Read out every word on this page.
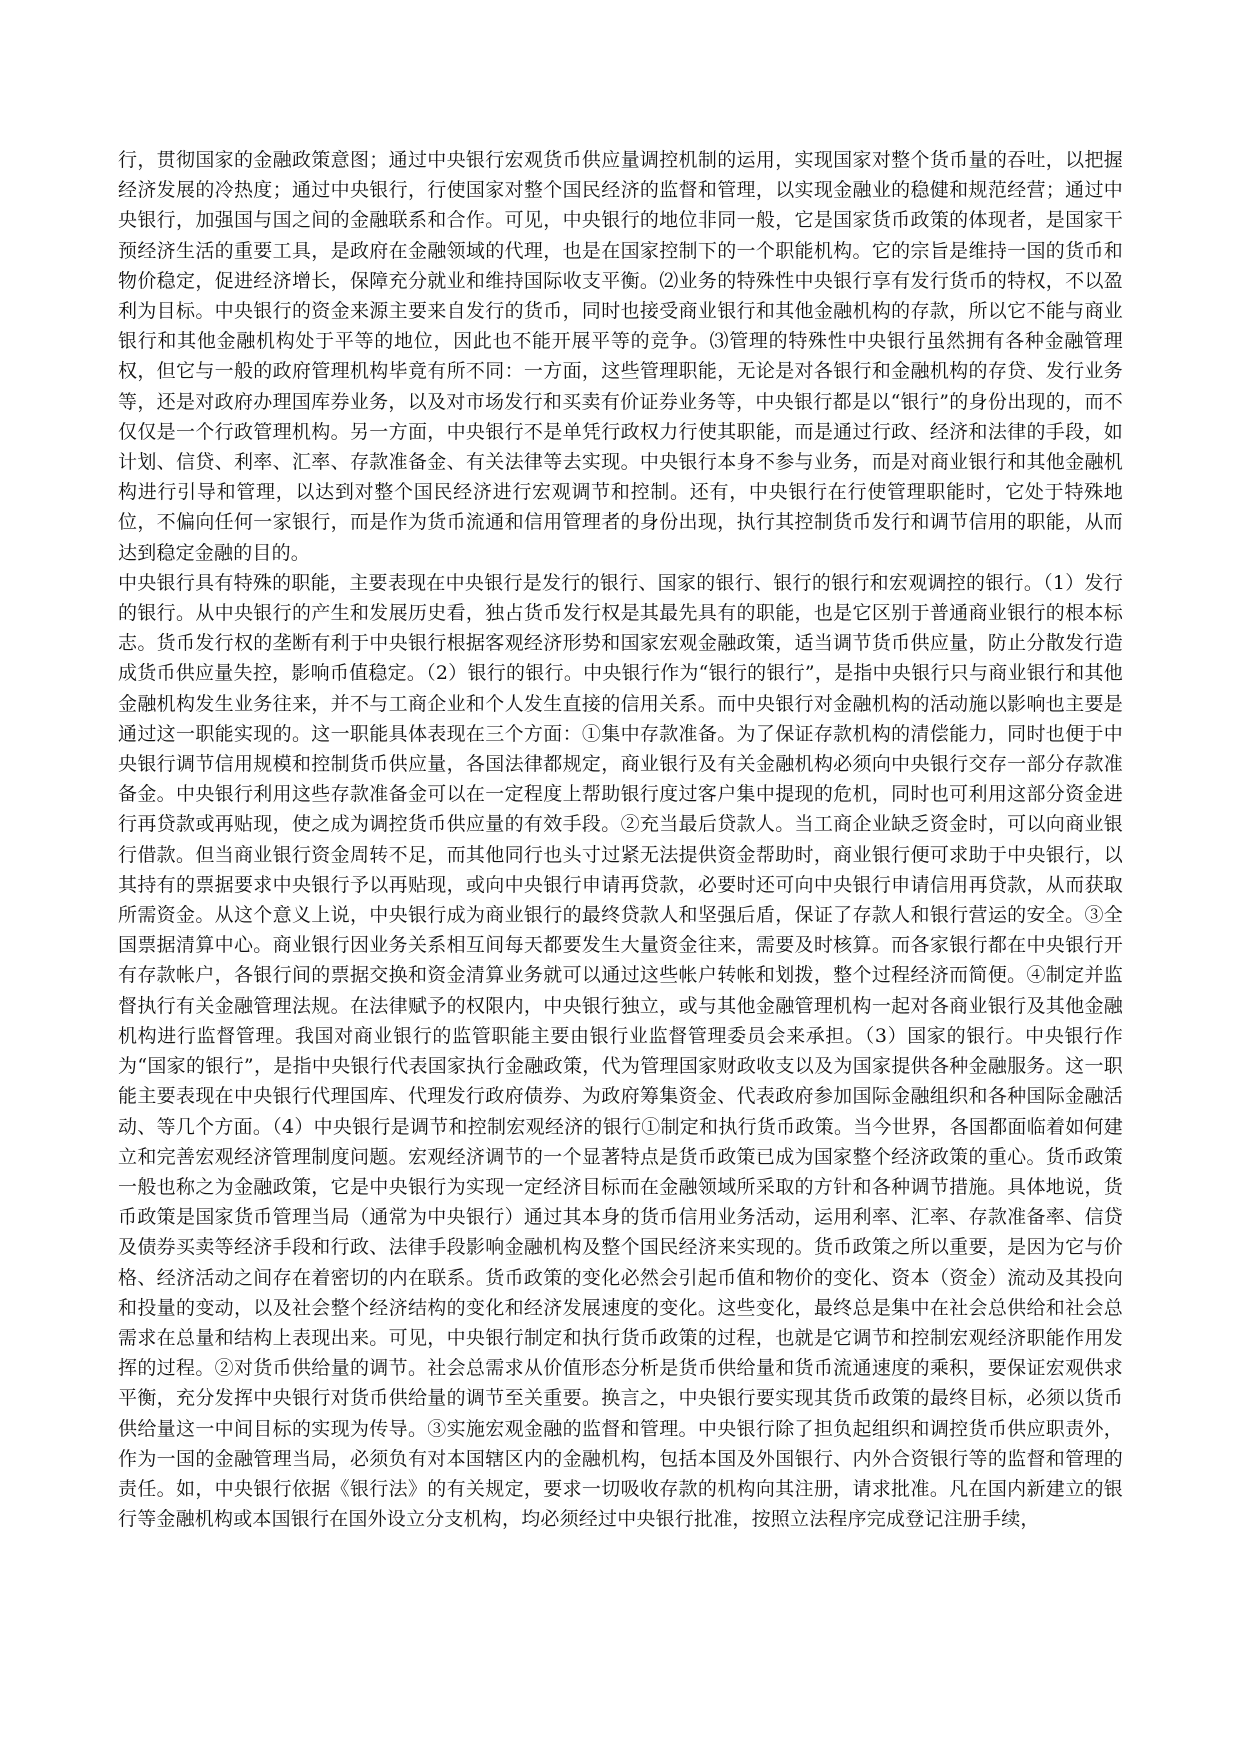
行，贯彻国家的金融政策意图；通过中央银行宏观货币供应量调控机制的运用，实现国家对整个货币量的吞吐，以把握经济发展的冷热度；通过中央银行，行使国家对整个国民经济的监督和管理，以实现金融业的稳健和规范经营；通过中央银行，加强国与国之间的金融联系和合作。可见，中央银行的地位非同一般，它是国家货币政策的体现者，是国家干预经济生活的重要工具，是政府在金融领域的代理，也是在国家控制下的一个职能机构。它的宗旨是维持一国的货币和物价稳定，促进经济增长，保障充分就业和维持国际收支平衡。⑵业务的特殊性中央银行享有发行货币的特权，不以盈利为目标。中央银行的资金来源主要来自发行的货币，同时也接受商业银行和其他金融机构的存款，所以它不能与商业银行和其他金融机构处于平等的地位，因此也不能开展平等的竞争。⑶管理的特殊性中央银行虽然拥有各种金融管理权，但它与一般的政府管理机构毕竟有所不同：一方面，这些管理职能，无论是对各银行和金融机构的存贷、发行业务等，还是对政府办理国库券业务，以及对市场发行和买卖有价证券业务等，中央银行都是以“银行”的身份出现的，而不仅仅是一个行政管理机构。另一方面，中央银行不是单凭行政权力行使其职能，而是通过行政、经济和法律的手段，如计划、信贷、利率、汇率、存款准备金、有关法律等去实现。中央银行本身不参与业务，而是对商业银行和其他金融机构进行引导和管理，以达到对整个国民经济进行宏观调节和控制。还有，中央银行在行使管理职能时，它处于特殊地位，不偏向任何一家银行，而是作为货币流通和信用管理者的身份出现，执行其控制货币发行和调节信用的职能，从而达到稳定金融的目的。

中央银行具有特殊的职能，主要表现在中央银行是发行的银行、国家的银行、银行的银行和宏观调控的银行。（1）发行的银行。从中央银行的产生和发展历史看，独占货币发行权是其最先具有的职能，也是它区别于普通商业银行的根本标志。货币发行权的垄断有利于中央银行根据客观经济形势和国家宏观金融政策，适当调节货币供应量，防止分散发行造成货币供应量失控，影响币值稳定。（2）银行的银行。中央银行作为“银行的银行”，是指中央银行只与商业银行和其他金融机构发生业务往来，并不与工商企业和个人发生直接的信用关系。而中央银行对金融机构的活动施以影响也主要是通过这一职能实现的。这一职能具体表现在三个方面：①集中存款准备。为了保证存款机构的清偿能力，同时也便于中央银行调节信用规模和控制货币供应量，各国法律都规定，商业银行及有关金融机构必须向中央银行交存一部分存款准备金。中央银行利用这些存款准备金可以在一定程度上帮助银行度过客户集中提现的危机，同时也可利用这部分资金进行再贷款或再贴现，使之成为调控货币供应量的有效手段。②充当最后贷款人。当工商企业缺乏资金时，可以向商业银行借款。但当商业银行资金周转不足，而其他同行也头寸过紧无法提供资金帮助时，商业银行便可求助于中央银行，以其持有的票据要求中央银行予以再贴现，或向中央银行申请再贷款，必要时还可向中央银行申请信用再贷款，从而获取所需资金。从这个意义上说，中央银行成为商业银行的最终贷款人和坚强后盾，保证了存款人和银行营运的安全。③全国票据清算中心。商业银行因业务关系相互间每天都要发生大量资金往来，需要及时核算。而各家银行都在中央银行开有存款帐户，各银行间的票据交换和资金清算业务就可以通过这些帐户转帐和划拨，整个过程经济而简便。④制定并监督执行有关金融管理法规。在法律赋予的权限内，中央银行独立，或与其他金融管理机构一起对各商业银行及其他金融机构进行监督管理。我国对商业银行的监管职能主要由银行业监督管理委员会来承担。（3）国家的银行。中央银行作为“国家的银行”，是指中央银行代表国家执行金融政策，代为管理国家财政收支以及为国家提供各种金融服务。这一职能主要表现在中央银行代理国库、代理发行政府债券、为政府筹集资金、代表政府参加国际金融组织和各种国际金融活动、等几个方面。（4）中央银行是调节和控制宏观经济的银行①制定和执行货币政策。当今世界，各国都面临着如何建立和完善宏观经济管理制度问题。宏观经济调节的一个显著特点是货币政策已成为国家整个经济政策的重心。货币政策一般也称之为金融政策，它是中央银行为实现一定经济目标而在金融领域所采取的方针和各种调节措施。具体地说，货币政策是国家货币管理当局（通常为中央银行）通过其本身的货币信用业务活动，运用利率、汇率、存款准备率、信贷及债券买卖等经济手段和行政、法律手段影响金融机构及整个国民经济来实现的。货币政策之所以重要，是因为它与价格、经济活动之间存在着密切的内在联系。货币政策的变化必然会引起币值和物价的变化、资本（资金）流动及其投向和投量的变动，以及社会整个经济结构的变化和经济发展速度的变化。这些变化，最终总是集中在社会总供给和社会总需求在总量和结构上表现出来。可见，中央银行制定和执行货币政策的过程，也就是它调节和控制宏观经济职能作用发挥的过程。②对货币供给量的调节。社会总需求从价值形态分析是货币供给量和货币流通速度的乘积，要保证宏观供求平衡，充分发挥中央银行对货币供给量的调节至关重要。换言之，中央银行要实现其货币政策的最终目标，必须以货币供给量这一中间目标的实现为传导。③实施宏观金融的监督和管理。中央银行除了担负起组织和调控货币供应职责外，作为一国的金融管理当局，必须负有对本国辖区内的金融机构，包括本国及外国银行、内外合资银行等的监督和管理的责任。如，中央银行依据《银行法》的有关规定，要求一切吸收存款的机构向其注册，请求批准。凡在国内新建立的银行等金融机构或本国银行在国外设立分支机构，均必须经过中央银行批准，按照立法程序完成登记注册手续，
